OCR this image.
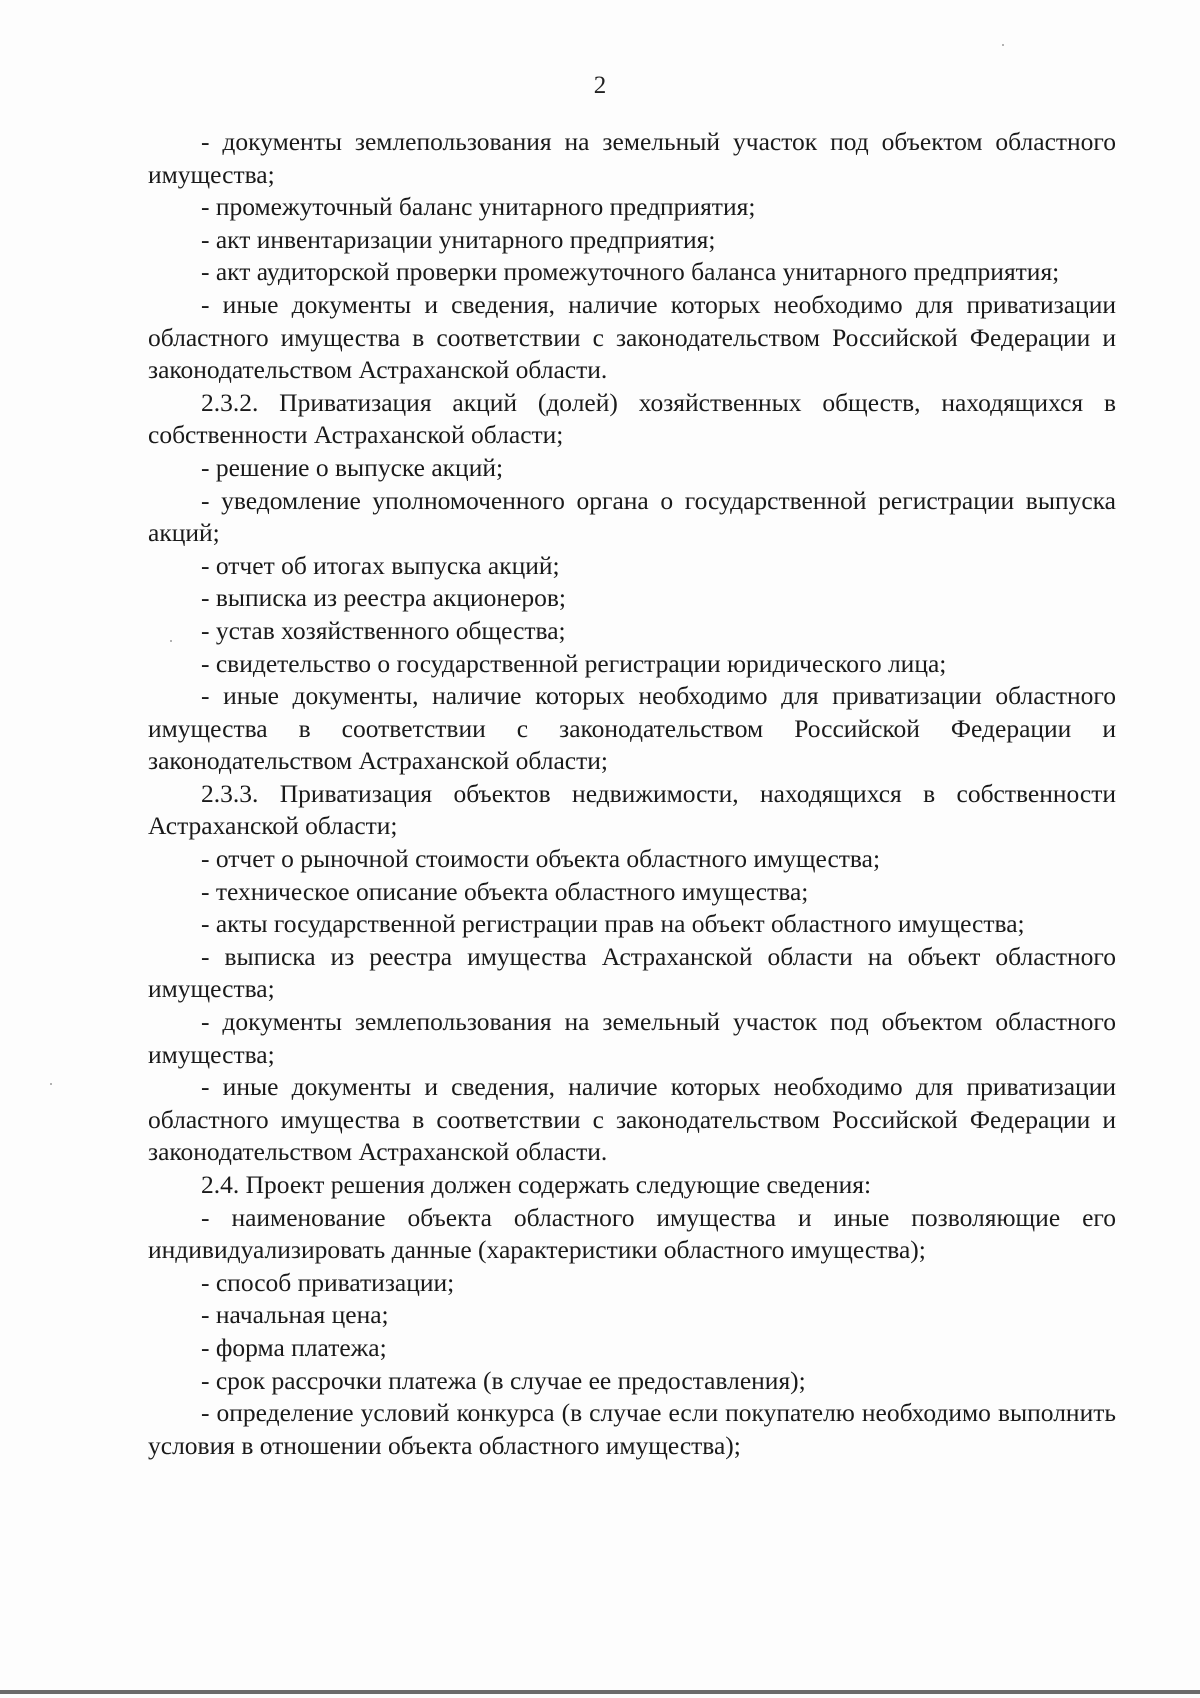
2

- документы землепользования на земельный участок под объектом областного имущества;

- промежуточный баланс унитарного предприятия;

- акт инвентаризации унитарного предприятия;

- акт аудиторской проверки промежуточного баланса унитарного предприятия;

- иные документы и сведения, наличие которых необходимо для приватизации областного имущества в соответствии с законодательством Российской Федерации и законодательством Астраханской области.

2.3.2. Приватизация акций (долей) хозяйственных обществ, находящихся в собственности Астраханской области;

- решение о выпуске акций;

- уведомление уполномоченного органа о государственной регистрации выпуска акций;

- отчет об итогах выпуска акций;

- выписка из реестра акционеров;

- устав хозяйственного общества;

- свидетельство о государственной регистрации юридического лица;

- иные документы, наличие которых необходимо для приватизации областного имущества в соответствии с законодательством Российской Федерации и законодательством Астраханской области;

2.3.3. Приватизация объектов недвижимости, находящихся в собственности Астраханской области;

- отчет о рыночной стоимости объекта областного имущества;

- техническое описание объекта областного имущества;

- акты государственной регистрации прав на объект областного имущества;

- выписка из реестра имущества Астраханской области на объект областного имущества;

- документы землепользования на земельный участок под объектом областного имущества;

- иные документы и сведения, наличие которых необходимо для приватизации областного имущества в соответствии с законодательством Российской Федерации и законодательством Астраханской области.

2.4. Проект решения должен содержать следующие сведения:

- наименование объекта областного имущества и иные позволяющие его индивидуализировать данные (характеристики областного имущества);

- способ приватизации;

- начальная цена;

- форма платежа;

- срок рассрочки платежа (в случае ее предоставления);

- определение условий конкурса (в случае если покупателю необходимо выполнить условия в отношении объекта областного имущества);
